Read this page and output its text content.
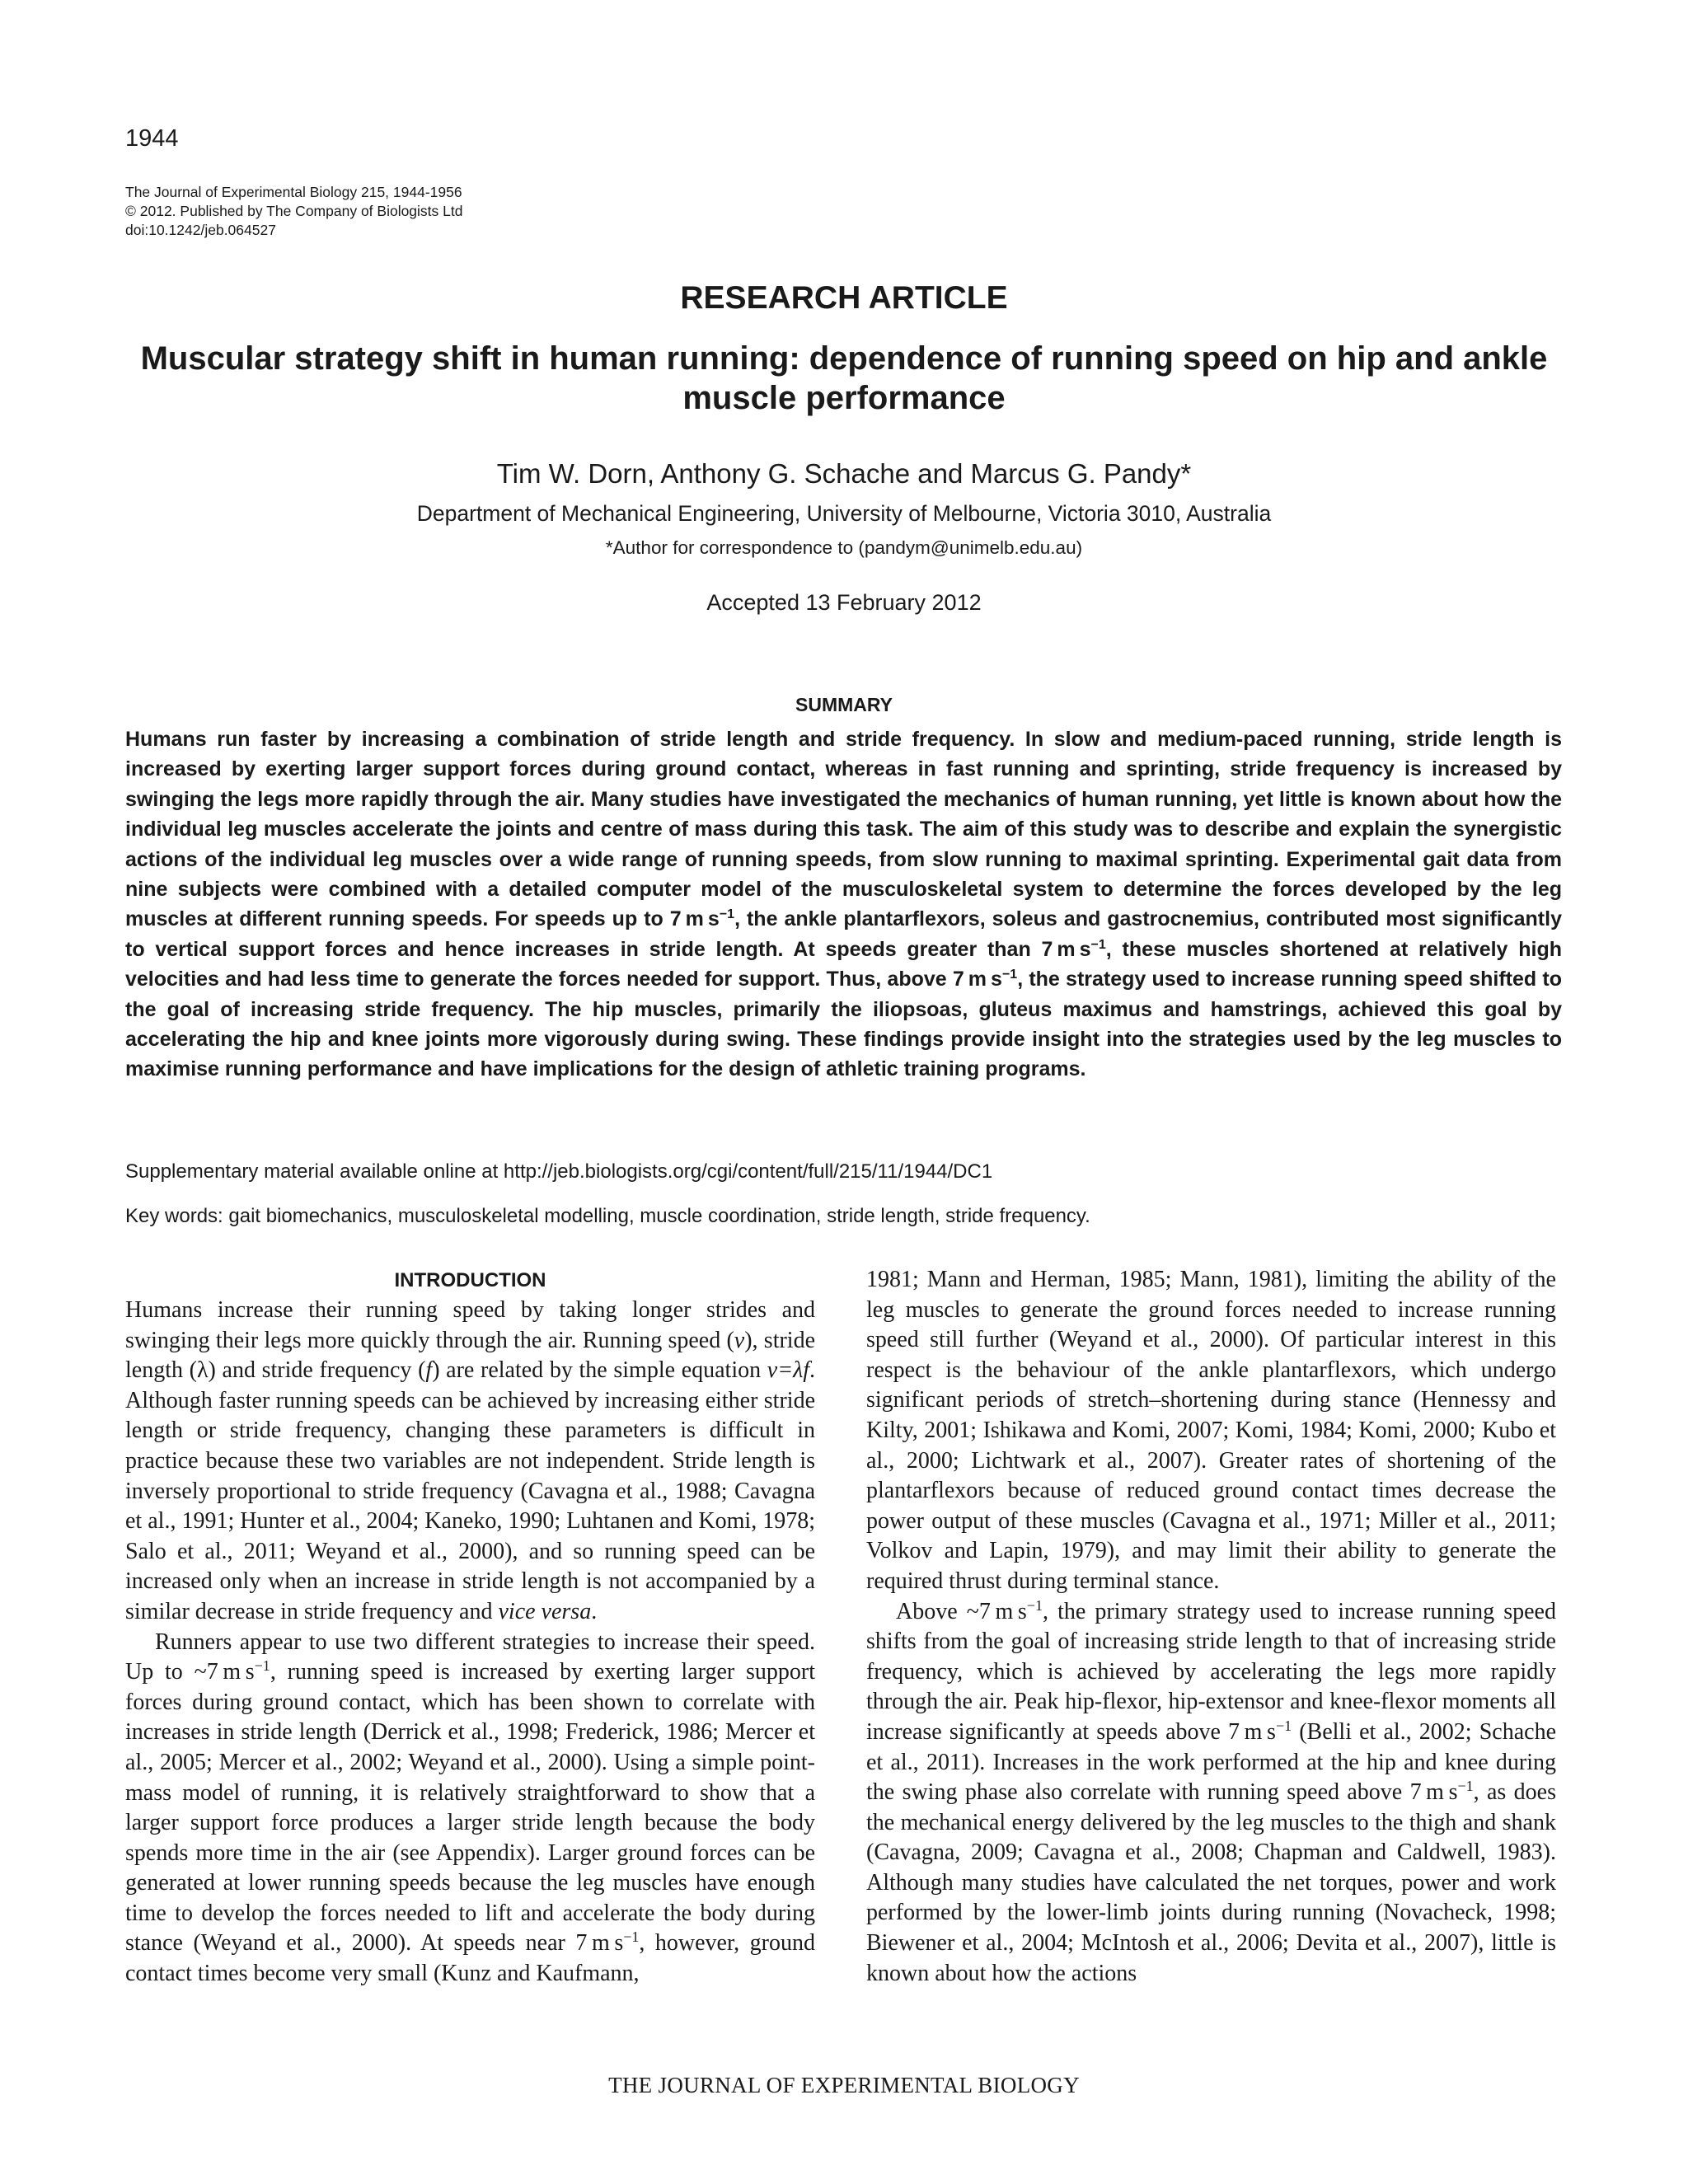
1944
The Journal of Experimental Biology 215, 1944-1956
© 2012. Published by The Company of Biologists Ltd
doi:10.1242/jeb.064527
RESEARCH ARTICLE
Muscular strategy shift in human running: dependence of running speed on hip and ankle muscle performance
Tim W. Dorn, Anthony G. Schache and Marcus G. Pandy*
Department of Mechanical Engineering, University of Melbourne, Victoria 3010, Australia
*Author for correspondence to (pandym@unimelb.edu.au)
Accepted 13 February 2012
SUMMARY
Humans run faster by increasing a combination of stride length and stride frequency. In slow and medium-paced running, stride length is increased by exerting larger support forces during ground contact, whereas in fast running and sprinting, stride frequency is increased by swinging the legs more rapidly through the air. Many studies have investigated the mechanics of human running, yet little is known about how the individual leg muscles accelerate the joints and centre of mass during this task. The aim of this study was to describe and explain the synergistic actions of the individual leg muscles over a wide range of running speeds, from slow running to maximal sprinting. Experimental gait data from nine subjects were combined with a detailed computer model of the musculoskeletal system to determine the forces developed by the leg muscles at different running speeds. For speeds up to 7 m $s^{-1}$, the ankle plantarflexors, soleus and gastrocnemius, contributed most significantly to vertical support forces and hence increases in stride length. At speeds greater than 7 m $s^{-1}$, these muscles shortened at relatively high velocities and had less time to generate the forces needed for support. Thus, above 7 m $s^{-1}$, the strategy used to increase running speed shifted to the goal of increasing stride frequency. The hip muscles, primarily the iliopsoas, gluteus maximus and hamstrings, achieved this goal by accelerating the hip and knee joints more vigorously during swing. These findings provide insight into the strategies used by the leg muscles to maximise running performance and have implications for the design of athletic training programs.
Supplementary material available online at http://jeb.biologists.org/cgi/content/full/215/11/1944/DC1
Key words: gait biomechanics, musculoskeletal modelling, muscle coordination, stride length, stride frequency.
INTRODUCTION

Humans increase their running speed by taking longer strides and swinging their legs more quickly through the air. Running speed (v), stride length (λ) and stride frequency (f) are related by the simple equation v=λf. Although faster running speeds can be achieved by increasing either stride length or stride frequency, changing these parameters is difficult in practice because these two variables are not independent. Stride length is inversely proportional to stride frequency (Cavagna et al., 1988; Cavagna et al., 1991; Hunter et al., 2004; Kaneko, 1990; Luhtanen and Komi, 1978; Salo et al., 2011; Weyand et al., 2000), and so running speed can be increased only when an increase in stride length is not accompanied by a similar decrease in stride frequency and vice versa.

Runners appear to use two different strategies to increase their speed. Up to ~7 m $s^{-1}$, running speed is increased by exerting larger support forces during ground contact, which has been shown to correlate with increases in stride length (Derrick et al., 1998; Frederick, 1986; Mercer et al., 2005; Mercer et al., 2002; Weyand et al., 2000). Using a simple point-mass model of running, it is relatively straightforward to show that a larger support force produces a larger stride length because the body spends more time in the air (see Appendix). Larger ground forces can be generated at lower running speeds because the leg muscles have enough time to develop the forces needed to lift and accelerate the body during stance (Weyand et al., 2000). At speeds near 7 m $s^{-1}$, however, ground contact times become very small (Kunz and Kaufmann,

1981; Mann and Herman, 1985; Mann, 1981), limiting the ability of the leg muscles to generate the ground forces needed to increase running speed still further (Weyand et al., 2000). Of particular interest in this respect is the behaviour of the ankle plantarflexors, which undergo significant periods of stretch–shortening during stance (Hennessy and Kilty, 2001; Ishikawa and Komi, 2007; Komi, 1984; Komi, 2000; Kubo et al., 2000; Lichtwark et al., 2007). Greater rates of shortening of the plantarflexors because of reduced ground contact times decrease the power output of these muscles (Cavagna et al., 1971; Miller et al., 2011; Volkov and Lapin, 1979), and may limit their ability to generate the required thrust during terminal stance.

Above ~7 m $s^{-1}$, the primary strategy used to increase running speed shifts from the goal of increasing stride length to that of increasing stride frequency, which is achieved by accelerating the legs more rapidly through the air. Peak hip-flexor, hip-extensor and knee-flexor moments all increase significantly at speeds above 7 m $s^{-1}$ (Belli et al., 2002; Schache et al., 2011). Increases in the work performed at the hip and knee during the swing phase also correlate with running speed above 7 m $s^{-1}$, as does the mechanical energy delivered by the leg muscles to the thigh and shank (Cavagna, 2009; Cavagna et al., 2008; Chapman and Caldwell, 1983). Although many studies have calculated the net torques, power and work performed by the lower-limb joints during running (Novacheck, 1998; Biewener et al., 2004; McIntosh et al., 2006; Devita et al., 2007), little is known about how the actions

THE JOURNAL OF EXPERIMENTAL BIOLOGY
